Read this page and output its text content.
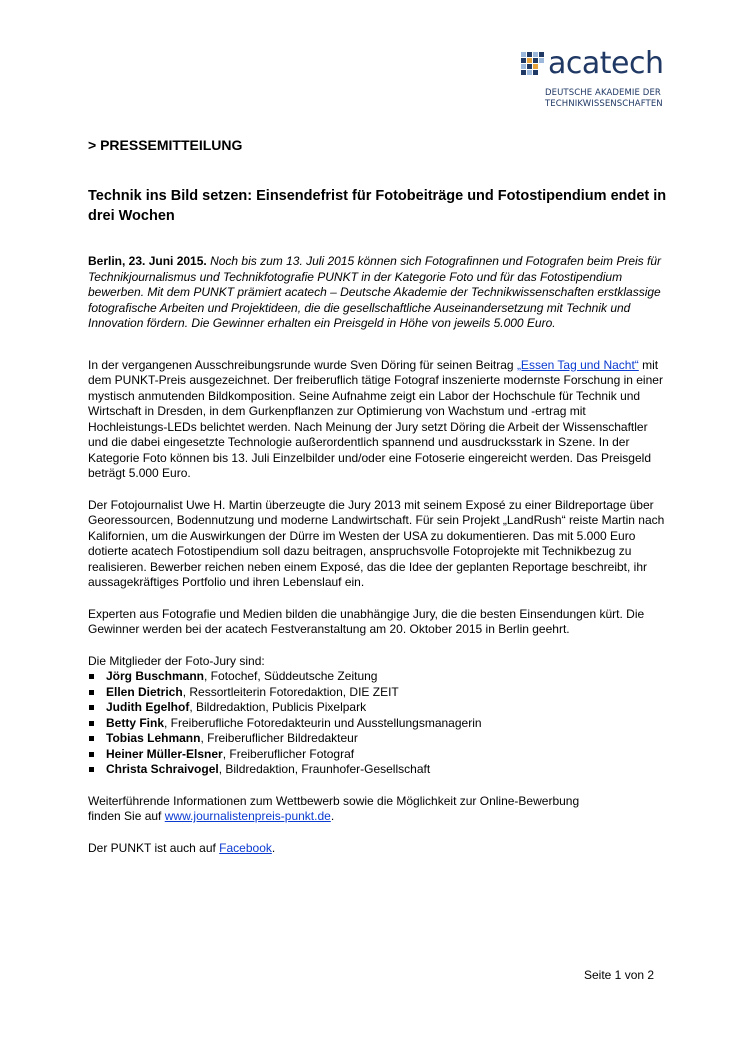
acatech
DEUTSCHE AKADEMIE DER
TECHNIKWISSENSCHAFTEN

> PRESSEMITTEILUNG

Technik ins Bild setzen: Einsendefrist für Fotobeiträge und Fotostipendium endet in drei Wochen

Berlin, 23. Juni 2015. Noch bis zum 13. Juli 2015 können sich Fotografinnen und Fotografen beim Preis für Technikjournalismus und Technikfotografie PUNKT in der Kategorie Foto und für das Fotostipendium bewerben. Mit dem PUNKT prämiert acatech – Deutsche Akademie der Technikwissenschaften erstklassige fotografische Arbeiten und Projektideen, die die gesellschaftliche Auseinandersetzung mit Technik und Innovation fördern. Die Gewinner erhalten ein Preisgeld in Höhe von jeweils 5.000 Euro.

In der vergangenen Ausschreibungsrunde wurde Sven Döring für seinen Beitrag „Essen Tag und Nacht“ mit dem PUNKT-Preis ausgezeichnet. Der freiberuflich tätige Fotograf inszenierte modernste Forschung in einer mystisch anmutenden Bildkomposition. Seine Aufnahme zeigt ein Labor der Hochschule für Technik und Wirtschaft in Dresden, in dem Gurkenpflanzen zur Optimierung von Wachstum und -ertrag mit Hochleistungs-LEDs belichtet werden. Nach Meinung der Jury setzt Döring die Arbeit der Wissenschaftler und die dabei eingesetzte Technologie außerordentlich spannend und ausdrucksstark in Szene. In der Kategorie Foto können bis 13. Juli Einzelbilder und/oder eine Fotoserie eingereicht werden. Das Preisgeld beträgt 5.000 Euro.

Der Fotojournalist Uwe H. Martin überzeugte die Jury 2013 mit seinem Exposé zu einer Bildreportage über Georessourcen, Bodennutzung und moderne Landwirtschaft. Für sein Projekt „LandRush“ reiste Martin nach Kalifornien, um die Auswirkungen der Dürre im Westen der USA zu dokumentieren. Das mit 5.000 Euro dotierte acatech Fotostipendium soll dazu beitragen, anspruchsvolle Fotoprojekte mit Technikbezug zu realisieren. Bewerber reichen neben einem Exposé, das die Idee der geplanten Reportage beschreibt, ihr aussagekräftiges Portfolio und ihren Lebenslauf ein.

Experten aus Fotografie und Medien bilden die unabhängige Jury, die die besten Einsendungen kürt. Die Gewinner werden bei der acatech Festveranstaltung am 20. Oktober 2015 in Berlin geehrt.

Die Mitglieder der Foto-Jury sind:

Jörg Buschmann, Fotochef, Süddeutsche Zeitung
Ellen Dietrich, Ressortleiterin Fotoredaktion, DIE ZEIT
Judith Egelhof, Bildredaktion, Publicis Pixelpark
Betty Fink, Freiberufliche Fotoredakteurin und Ausstellungsmanagerin
Tobias Lehmann, Freiberuflicher Bildredakteur
Heiner Müller-Elsner, Freiberuflicher Fotograf
Christa Schraivogel, Bildredaktion, Fraunhofer-Gesellschaft

Weiterführende Informationen zum Wettbewerb sowie die Möglichkeit zur Online-Bewerbung
finden Sie auf www.journalistenpreis-punkt.de.

Der PUNKT ist auch auf Facebook.

Seite 1 von 2
